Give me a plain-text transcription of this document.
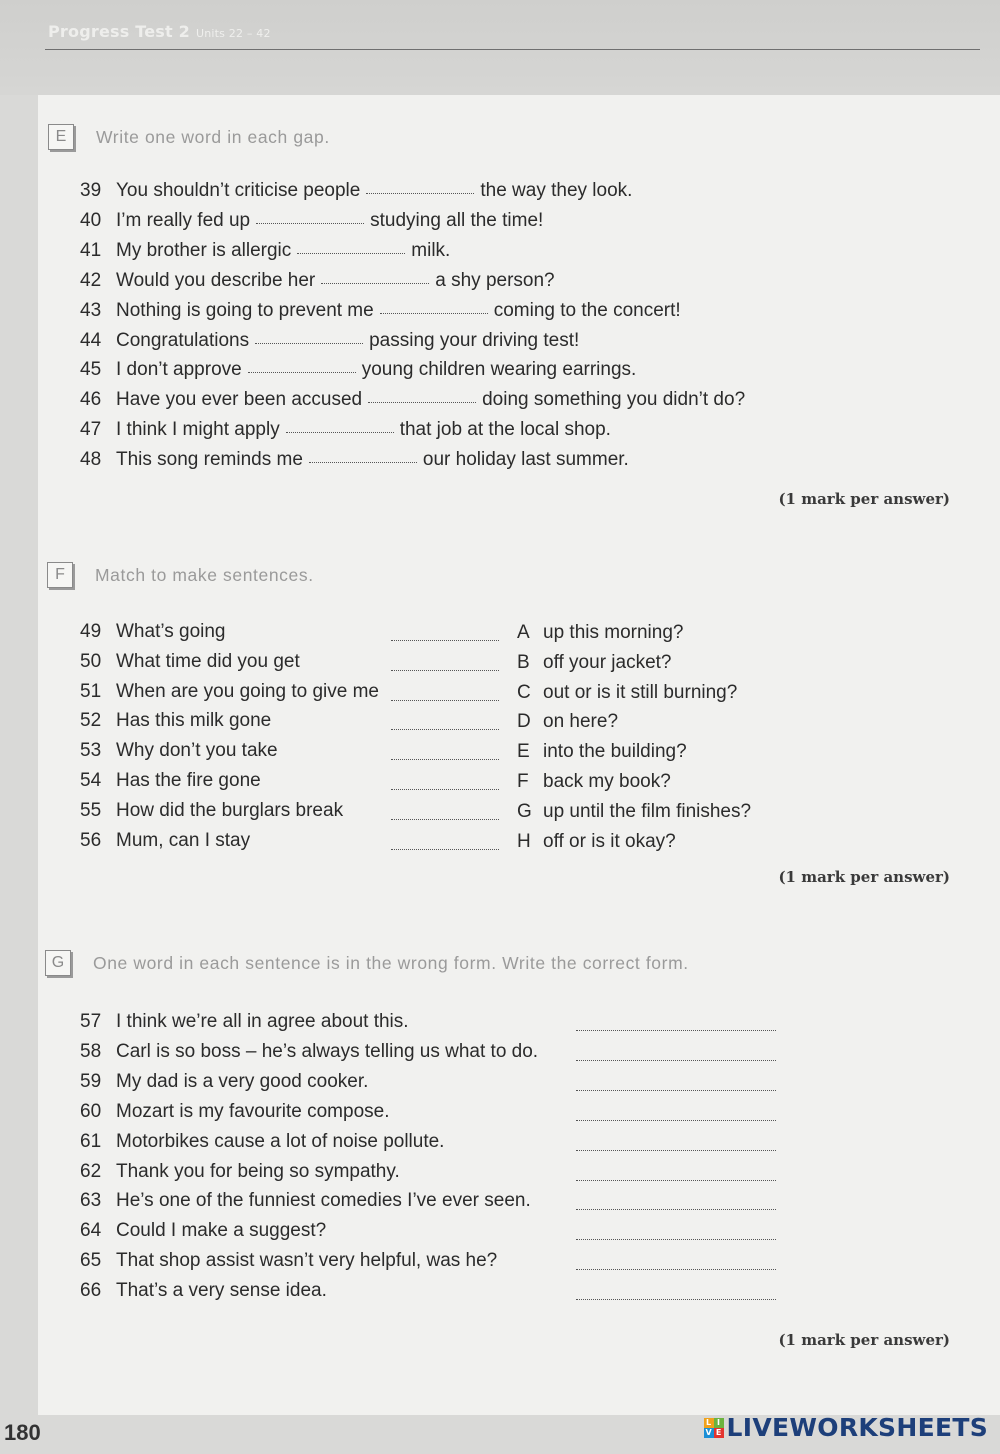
Progress Test 2 Units 22 – 42
E	Write one word in each gap.
39 You shouldn’t criticise people	the way they look.
40 I’m really fed up	studying all the time!
41 My brother is allergic	milk.
42 Would you describe her	a shy person?
43 Nothing is going to prevent me	coming to the concert!
44 Congratulations	passing your driving test!
45 I don’t approve	young children wearing earrings.
46 Have you ever been accused	doing something you didn’t do?
47 I think I might apply	that job at the local shop.
48 This song reminds me	our holiday last summer.
(1 mark per answer)
F	Match to make sentences.
49 What’s going	A up this morning?
50 What time did you get	B off your jacket?
51 When are you going to give me	C out or is it still burning?
52 Has this milk gone	D on here?
53 Why don’t you take	E into the building?
54 Has the fire gone	F back my book?
55 How did the burglars break	G up until the film finishes?
56 Mum, can I stay	H off or is it okay?
(1 mark per answer)
G	One word in each sentence is in the wrong form. Write the correct form.
57 I think we’re all in agree about this.
58 Carl is so boss – he’s always telling us what to do.
59 My dad is a very good cooker.
60 Mozart is my favourite compose.
61 Motorbikes cause a lot of noise pollute.
62 Thank you for being so sympathy.
63 He’s one of the funniest comedies I’ve ever seen.
64 Could I make a suggest?
65 That shop assist wasn’t very helpful, was he?
66 That’s a very sense idea.
(1 mark per answer)
180	L I
V E LIVEWORKSHEETS
